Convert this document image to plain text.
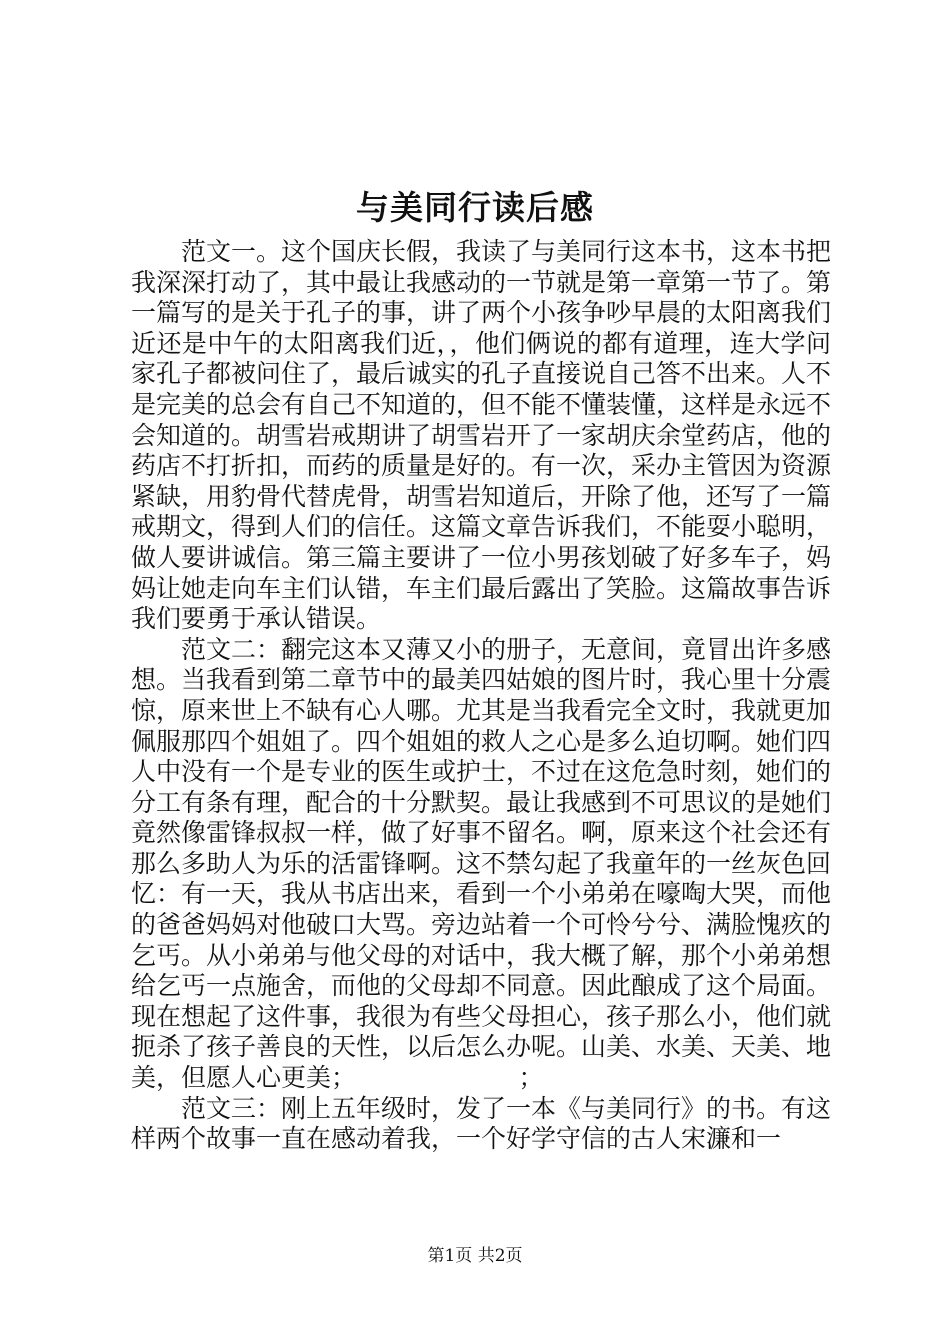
与美同行读后感

范文一。这个国庆长假，我读了与美同行这本书，这本书把我深深打动了，其中最让我感动的一节就是第一章第一节了。第一篇写的是关于孔子的事，讲了两个小孩争吵早晨的太阳离我们近还是中午的太阳离我们近，，他们俩说的都有道理，连大学问家孔子都被问住了，最后诚实的孔子直接说自己答不出来。人不是完美的总会有自己不知道的，但不能不懂装懂，这样是永远不会知道的。胡雪岩戒期讲了胡雪岩开了一家胡庆余堂药店，他的药店不打折扣，而药的质量是好的。有一次，采办主管因为资源紧缺，用豹骨代替虎骨，胡雪岩知道后，开除了他，还写了一篇戒期文，得到人们的信任。这篇文章告诉我们，不能耍小聪明，做人要讲诚信。第三篇主要讲了一位小男孩划破了好多车子，妈妈让她走向车主们认错，车主们最后露出了笑脸。这篇故事告诉我们要勇于承认错误。

范文二：翻完这本又薄又小的册子，无意间，竟冒出许多感想。当我看到第二章节中的最美四姑娘的图片时，我心里十分震惊，原来世上不缺有心人哪。尤其是当我看完全文时，我就更加佩服那四个姐姐了。四个姐姐的救人之心是多么迫切啊。她们四人中没有一个是专业的医生或护士，不过在这危急时刻，她们的分工有条有理，配合的十分默契。最让我感到不可思议的是她们竟然像雷锋叔叔一样，做了好事不留名。啊，原来这个社会还有那么多助人为乐的活雷锋啊。这不禁勾起了我童年的一丝灰色回忆：有一天，我从书店出来，看到一个小弟弟在嚎啕大哭，而他的爸爸妈妈对他破口大骂。旁边站着一个可怜兮兮、满脸愧疚的乞丐。从小弟弟与他父母的对话中，我大概了解，那个小弟弟想给乞丐一点施舍，而他的父母却不同意。因此酿成了这个局面。现在想起了这件事，我很为有些父母担心，孩子那么小，他们就扼杀了孩子善良的天性，以后怎么办呢。山美、水美、天美、地美，但愿人心更美；　　　　　　　；

范文三：刚上五年级时，发了一本《与美同行》的书。有这样两个故事一直在感动着我，一个好学守信的古人宋濂和一

第1页 共2页
